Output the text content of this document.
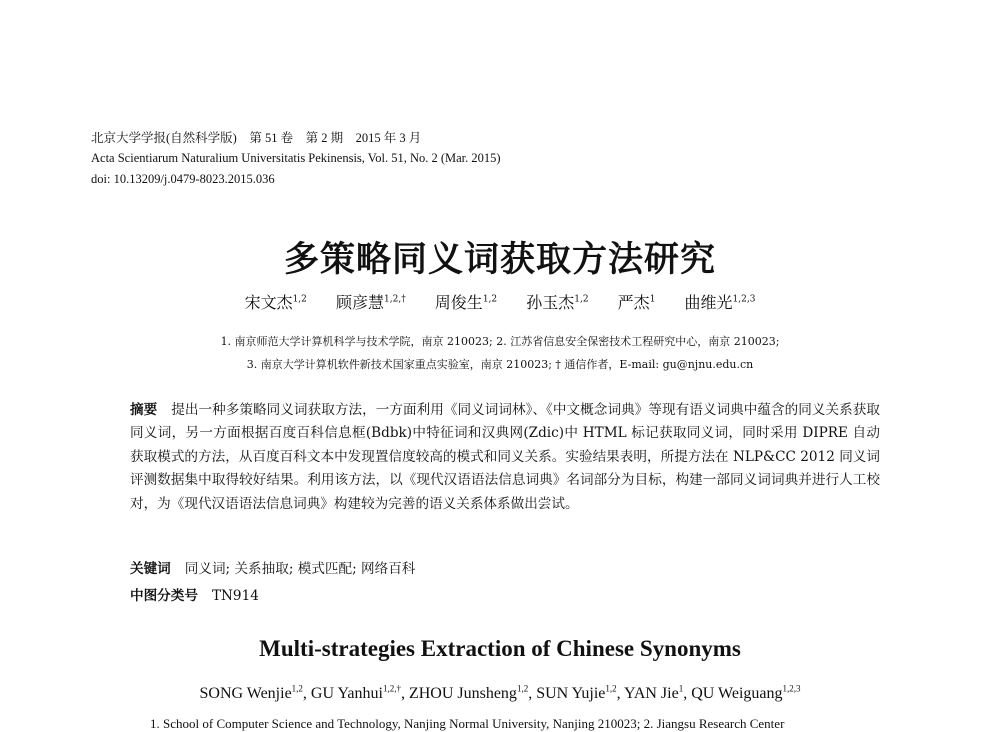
北京大学学报(自然科学版)　第 51 卷　第 2 期　2015 年 3 月
Acta Scientiarum Naturalium Universitatis Pekinensis, Vol. 51, No. 2 (Mar. 2015)
doi: 10.13209/j.0479-8023.2015.036
多策略同义词获取方法研究
宋文杰$^{1,2}$ 顾彦慧$^{1,2,\dagger}$ 周俊生$^{1,2}$ 孙玉杰$^{1,2}$ 严杰$^1$ 曲维光$^{1,2,3}$
1. 南京师范大学计算机科学与技术学院，南京 210023; 2. 江苏省信息安全保密技术工程研究中心，南京 210023;
3. 南京大学计算机软件新技术国家重点实验室，南京 210023; † 通信作者，E-mail: gu@njnu.edu.cn
摘要 提出一种多策略同义词获取方法，一方面利用《同义词词林》、《中文概念词典》等现有语义词典中蕴含的同义关系获取同义词，另一方面根据百度百科信息框(Bdbk)中特征词和汉典网(Zdic)中 HTML 标记获取同义词，同时采用 DIPRE 自动获取模式的方法，从百度百科文本中发现置信度较高的模式和同义关系。实验结果表明，所提方法在 NLP&CC 2012 同义词评测数据集中取得较好结果。利用该方法，以《现代汉语语法信息词典》名词部分为目标，构建一部同义词词典并进行人工校对，为《现代汉语语法信息词典》构建较为完善的语义关系体系做出尝试。
关键词 同义词; 关系抽取; 模式匹配; 网络百科
中图分类号 TN914
Multi-strategies Extraction of Chinese Synonyms
SONG Wenjie$^{1,2}$, GU Yanhui$^{1,2,\dagger}$, ZHOU Junsheng$^{1,2}$, SUN Yujie$^{1,2}$, YAN Jie$^1$, QU Weiguang$^{1,2,3}$
1. School of Computer Science and Technology, Nanjing Normal University, Nanjing 210023; 2. Jiangsu Research Center
